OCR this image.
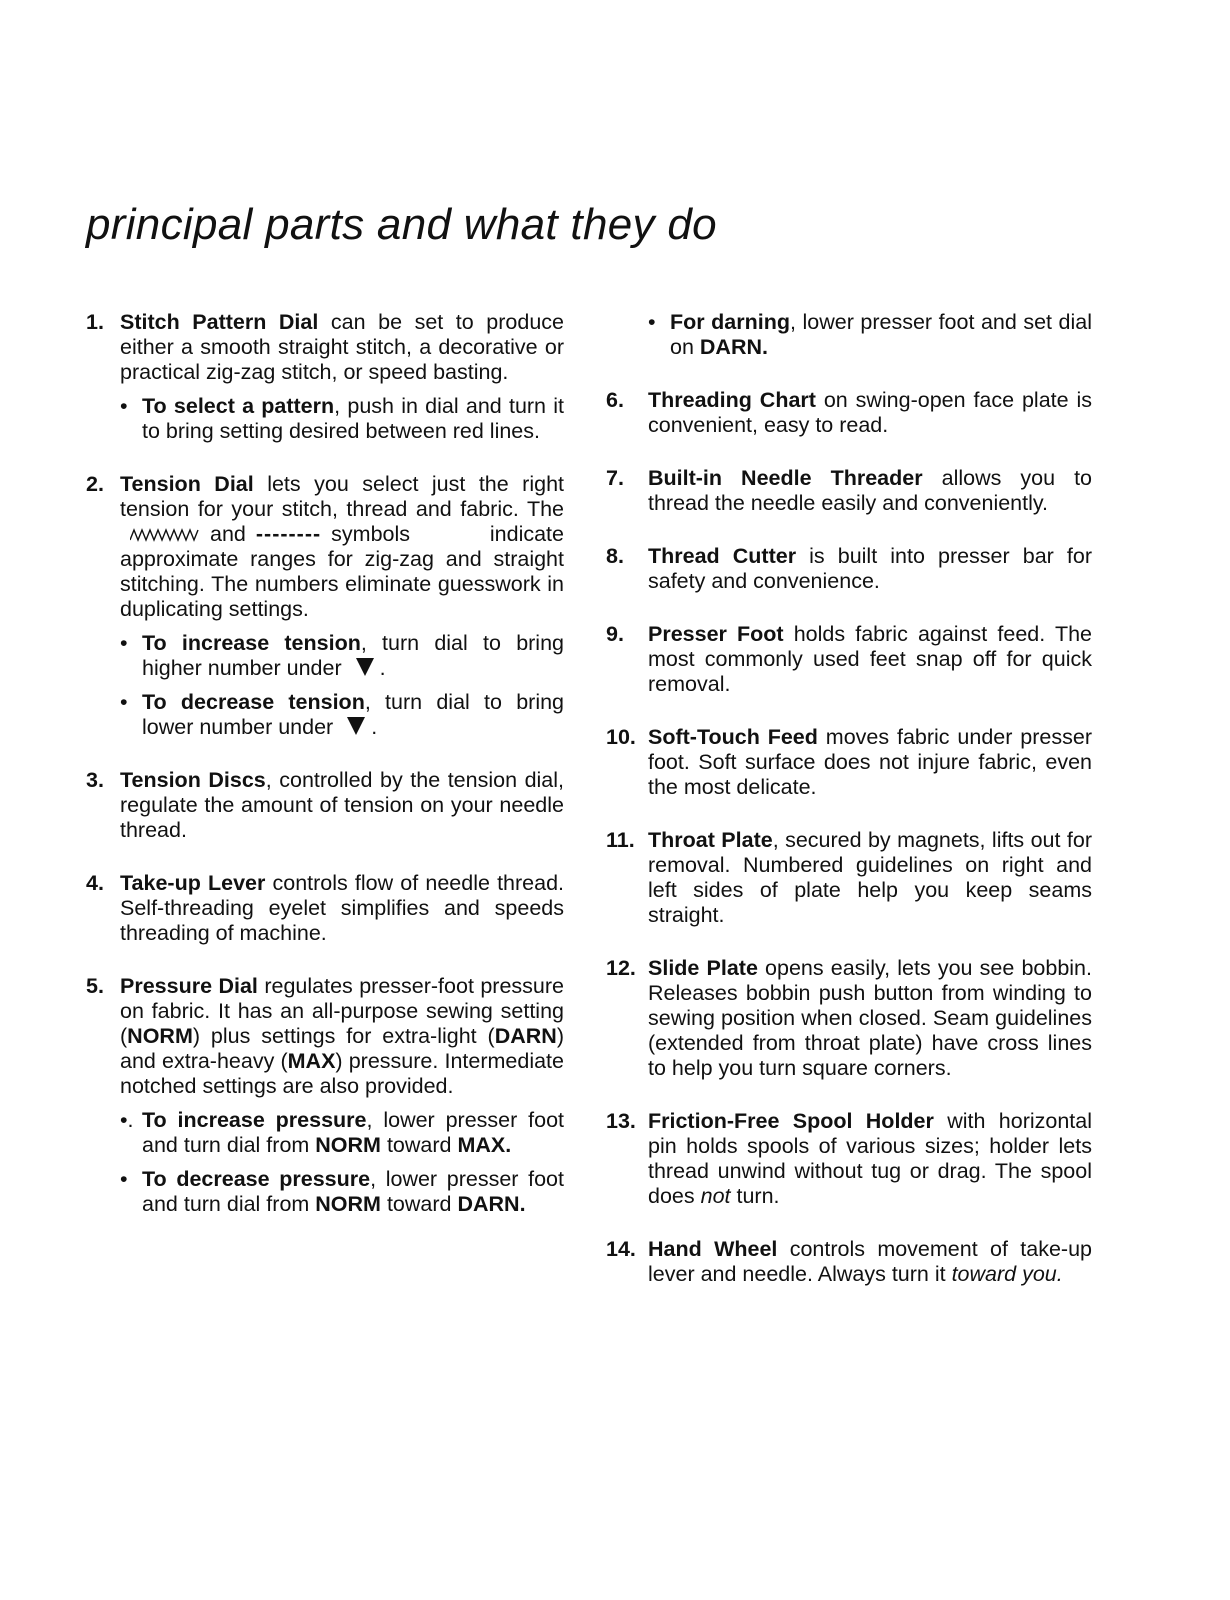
principal parts and what they do
1. Stitch Pattern Dial can be set to produce either a smooth straight stitch, a decorative or practical zig-zag stitch, or speed basting.

• To select a pattern, push in dial and turn it to bring setting desired between red lines.
2. Tension Dial lets you select just the right tension for your stitch, thread and fabric. Theand -------- symbols indicate approximate ranges for zig-zag and straight stitching. The numbers eliminate guesswork in duplicating settings.

• To increase tension, turn dial to bring higher number under .
• To decrease tension, turn dial to bring lower number under .
3. Tension Discs, controlled by the tension dial, regulate the amount of tension on your needle thread.

4. Take-up Lever controls flow of needle thread. Self-threading eyelet simplifies and speeds threading of machine.

5. Pressure Dial regulates presser-foot pressure on fabric. It has an all-purpose sewing setting (NORM) plus settings for extra-light (DARN) and extra-heavy (MAX) pressure. Intermediate notched settings are also provided.

•. To increase pressure, lower presser foot and turn dial from NORM toward MAX.
• To decrease pressure, lower presser foot and turn dial from NORM toward DARN.
• For darning, lower presser foot and set dial on DARN.
6.	Threading Chart on swing-open face plate is convenient, easy to read.

7.	Built-in Needle Threader allows you to thread the needle easily and conveniently.

8.	Thread Cutter is built into presser bar for safety and convenience.

9.	Presser Foot holds fabric against feed. The most commonly used feet snap off for quick removal.

10. Soft-Touch Feed moves fabric under presser foot. Soft surface does not injure fabric, even the most delicate.

11. Throat Plate, secured by magnets, lifts out for removal. Numbered guidelines on right and left sides of plate help you keep seams straight.

12. Slide Plate opens easily, lets you see bobbin. Releases bobbin push button from winding to sewing position when closed. Seam guidelines (extended from throat plate) have cross lines to help you turn square corners.

13. Friction-Free Spool Holder with horizontal pin holds spools of various sizes; holder lets thread unwind without tug or drag. The spool does not turn.

14. Hand Wheel controls movement of take-up lever and needle. Always turn it toward you.
